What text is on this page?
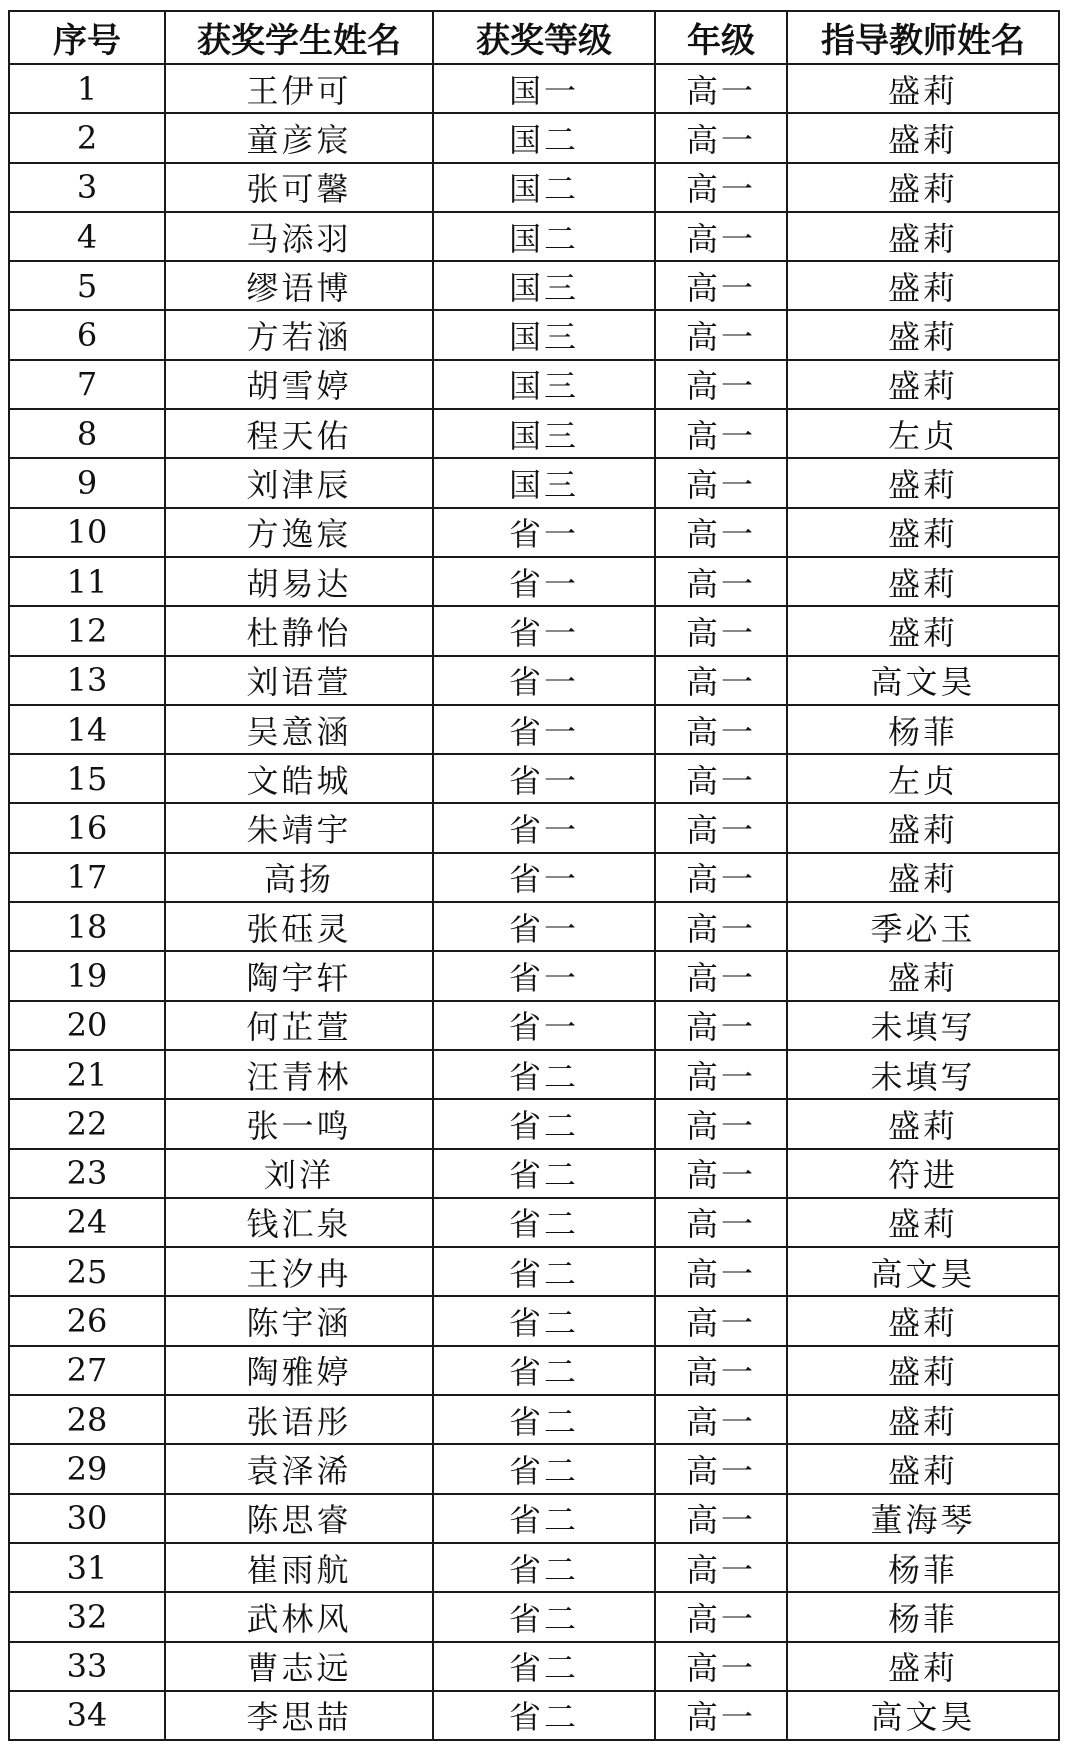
序号	获奖学生姓名	获奖等级	年级	指导教师姓名
1	王伊可	国一	高一	盛莉
2	童彦宸	国二	高一	盛莉
3	张可馨	国二	高一	盛莉
4	马添羽	国二	高一	盛莉
5	缪语博	国三	高一	盛莉
6	方若涵	国三	高一	盛莉
7	胡雪婷	国三	高一	盛莉
8	程天佑	国三	高一	左贞
9	刘津辰	国三	高一	盛莉
10	方逸宸	省一	高一	盛莉
11	胡易达	省一	高一	盛莉
12	杜静怡	省一	高一	盛莉
13	刘语萱	省一	高一	高文昊
14	吴意涵	省一	高一	杨菲
15	文皓城	省一	高一	左贞
16	朱靖宇	省一	高一	盛莉
17	高扬	省一	高一	盛莉
18	张砡灵	省一	高一	季必玉
19	陶宇轩	省一	高一	盛莉
20	何芷萱	省一	高一	未填写
21	汪青林	省二	高一	未填写
22	张一鸣	省二	高一	盛莉
23	刘洋	省二	高一	符进
24	钱汇泉	省二	高一	盛莉
25	王汐冉	省二	高一	高文昊
26	陈宇涵	省二	高一	盛莉
27	陶雅婷	省二	高一	盛莉
28	张语彤	省二	高一	盛莉
29	袁泽浠	省二	高一	盛莉
30	陈思睿	省二	高一	董海琴
31	崔雨航	省二	高一	杨菲
32	武林风	省二	高一	杨菲
33	曹志远	省二	高一	盛莉
34	李思喆	省二	高一	高文昊
